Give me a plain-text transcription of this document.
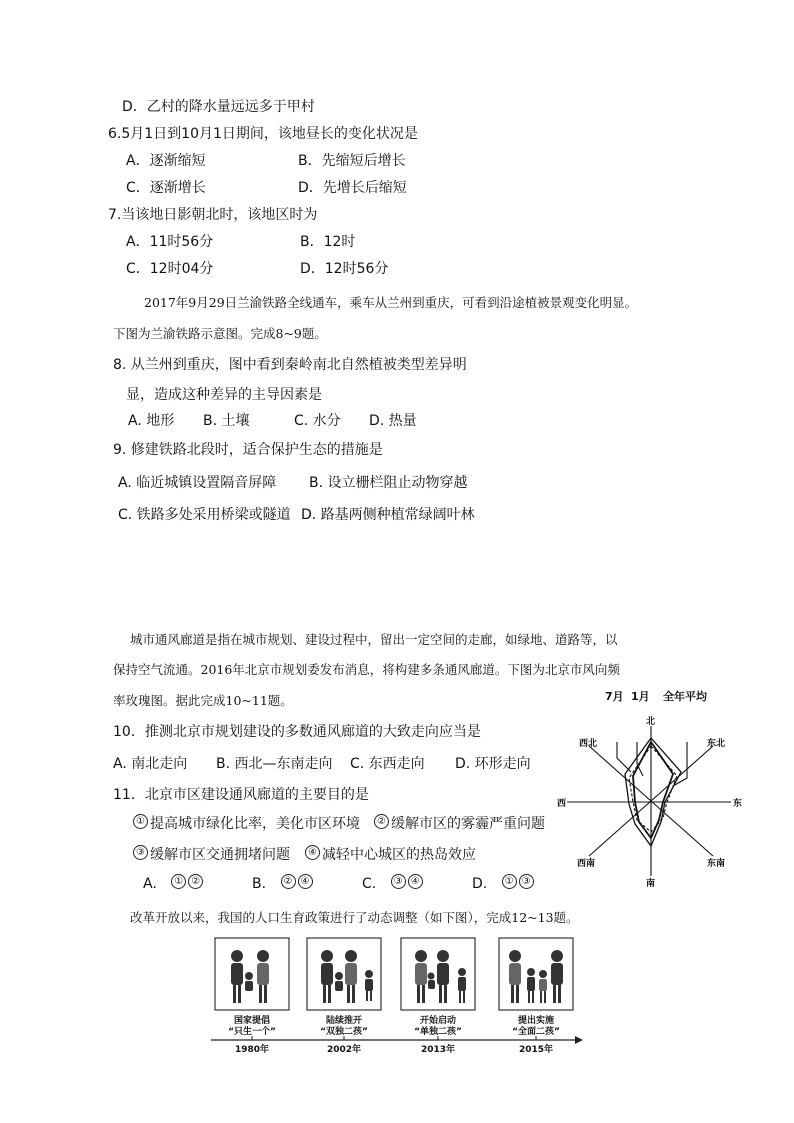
D．乙村的降水量远远多于甲村
6.5月1日到10月1日期间，该地昼长的变化状况是
A．逐渐缩短	B．先缩短后增长
C．逐渐增长	D．先增长后缩短
7.当该地日影朝北时，该地区时为
A．11时56分	B．12时
C．12时04分	D．12时56分
2017年9月29日兰渝铁路全线通车，乘车从兰州到重庆，可看到沿途植被景观变化明显。
下图为兰渝铁路示意图。完成8~9题。
8. 从兰州到重庆，图中看到秦岭南北自然植被类型差异明
显，造成这种差异的主导因素是
A. 地形 B. 土壤	C. 水分 D. 热量
9. 修建铁路北段时，适合保护生态的措施是
A. 临近城镇设置隔音屏障 B. 设立栅栏阻止动物穿越
C. 铁路多处采用桥梁或隧道 D. 路基两侧种植常绿阔叶林
城市通风廊道是指在城市规划、建设过程中，留出一定空间的走廊，如绿地、道路等，以
保持空气流通。2016年北京市规划委发布消息，将构建多条通风廊道。下图为北京市风向频
率玫瑰图。据此完成10~11题。
10．推测北京市规划建设的多数通风廊道的大致走向应当是
A. 南北走向 B. 西北—东南走向 C. 东西走向 D. 环形走向
11．北京市区建设通风廊道的主要目的是
① 提高城市绿化比率，美化市区环境	② 缓解市区的雾霾严重问题
③ 缓解市区交通拥堵问题	④ 减轻中心城区的热岛效应
A. ① ②	B. ② ④	C. ③ ④	D. ① ③
7月 1月 全年平均
北
东北
东
东南
南
西南
西
西北
改革开放以来，我国的人口生育政策进行了动态调整（如下图），完成12~13题。
国家提倡
“只生一个”
陆续推开
“双独二孩”
开始启动
“单独二孩”
提出实施
“全面二孩”
1980年	2002年	2013年	2015年
